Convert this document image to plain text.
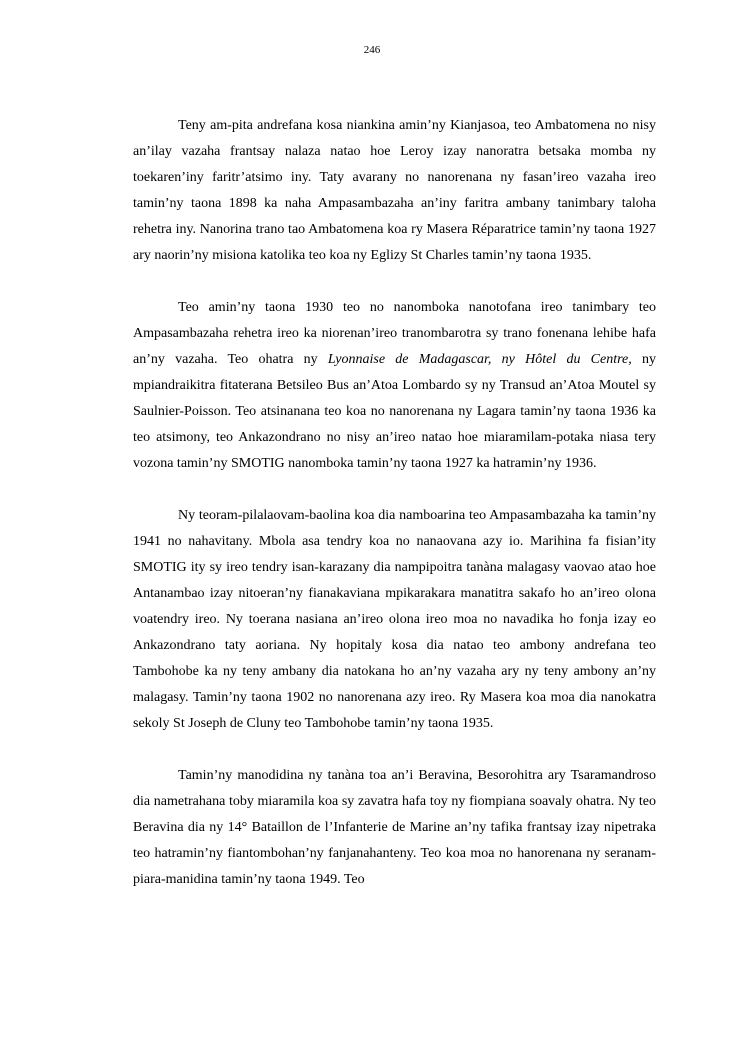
246

Teny am-pita andrefana kosa niankina amin’ny Kianjasoa, teo Ambatomena no nisy an’ilay vazaha frantsay nalaza natao hoe Leroy izay nanoratra betsaka momba ny toekaren’iny faritr’atsimo iny. Taty avarany no nanorenana ny fasan’ireo vazaha ireo tamin’ny taona 1898 ka naha Ampasambazaha an’iny faritra ambany tanimbary taloha rehetra iny. Nanorina trano tao Ambatomena koa ry Masera Réparatrice tamin’ny taona 1927 ary naorin’ny misiona katolika teo koa ny Eglizy St Charles tamin’ny taona 1935.

Teo amin’ny taona 1930 teo no nanomboka nanotofana ireo tanimbary teo Ampasambazaha rehetra ireo ka niorenan’ireo tranombarotra sy trano fonenana lehibe hafa an’ny vazaha. Teo ohatra ny Lyonnaise de Madagascar, ny Hôtel du Centre, ny mpiandraikitra fitaterana Betsileo Bus an’Atoa Lombardo sy ny Transud an’Atoa Moutel sy Saulnier-Poisson. Teo atsinanana teo koa no nanorenana ny Lagara tamin’ny taona 1936 ka teo atsimony, teo Ankazondrano no nisy an’ireo natao hoe miaramilam-potaka niasa tery vozona tamin’ny SMOTIG nanomboka tamin’ny taona 1927 ka hatramin’ny 1936.

Ny teoram-pilalaovam-baolina koa dia namboarina teo Ampasambazaha ka tamin’ny 1941 no nahavitany. Mbola asa tendry koa no nanaovana azy io. Marihina fa fisian’ity SMOTIG ity sy ireo tendry isan-karazany dia nampipoitra tanàna malagasy vaovao atao hoe Antanambao izay nitoeran’ny fianakaviana mpikarakara manatitra sakafo ho an’ireo olona voatendry ireo. Ny toerana nasiana an’ireo olona ireo moa no navadika ho fonja izay eo Ankazondrano taty aoriana. Ny hopitaly kosa dia natao teo ambony andrefana teo Tambohobe ka ny teny ambany dia natokana ho an’ny vazaha ary ny teny ambony an’ny malagasy. Tamin’ny taona 1902 no nanorenana azy ireo. Ry Masera koa moa dia nanokatra sekoly St Joseph de Cluny teo Tambohobe tamin’ny taona 1935.

Tamin’ny manodidina ny tanàna toa an’i Beravina, Besorohitra ary Tsaramandroso dia nametrahana toby miaramila koa sy zavatra hafa toy ny fiompiana soavaly ohatra. Ny teo Beravina dia ny 14° Bataillon de l’Infanterie de Marine an’ny tafika frantsay izay nipetraka teo hatramin’ny fiantombohan’ny fanjanahanteny. Teo koa moa no hanorenana ny seranam-piara-manidina tamin’ny taona 1949. Teo
